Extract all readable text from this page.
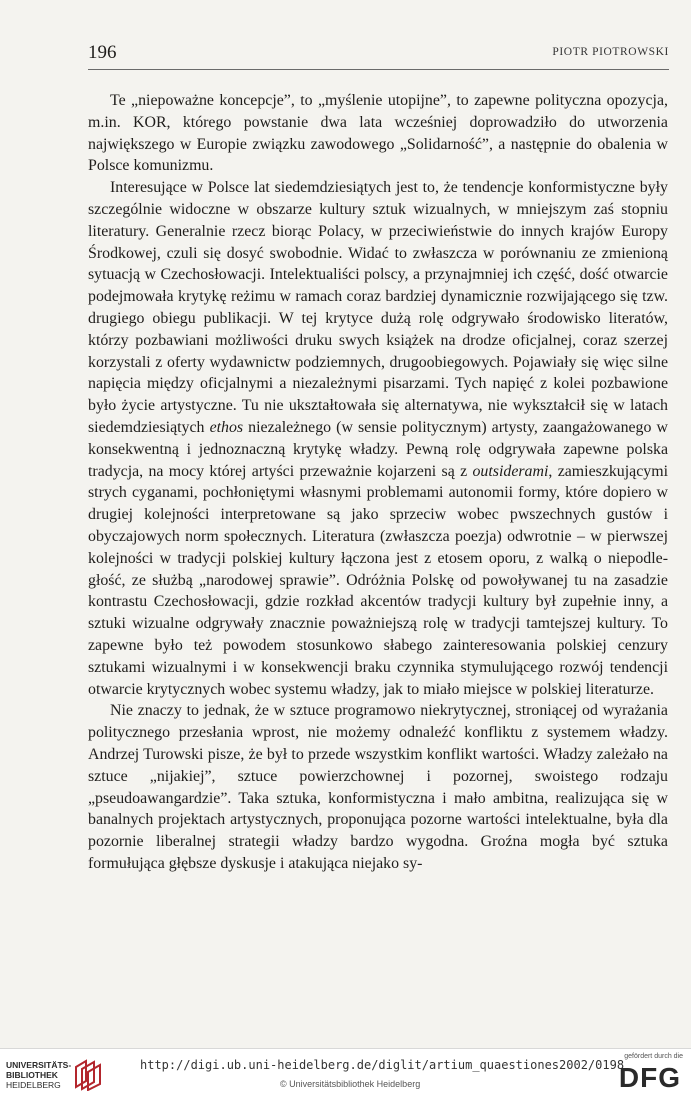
196	PIOTR PIOTROWSKI

Te „niepoważne koncepcje”, to „myślenie utopijne”, to zapewne polityczna opozycja, m.in. KOR, którego powstanie dwa lata wcześniej doprowadziło do utworzenia największego w Europie związku zawodowego „Solidarność”, a następnie do obalenia w Polsce komunizmu.

Interesujące w Polsce lat siedemdziesiątych jest to, że tendencje konformistyczne były szczególnie widoczne w obszarze kultury sztuk wizualnych, w mniejszym zaś stopniu literatury. Generalnie rzecz biorąc Polacy, w przeciwieństwie do innych krajów Europy Środkowej, czuli się dosyć swobodnie. Widać to zwłaszcza w porównaniu ze zmienioną sytuacją w Czechosłowacji. Intelektualiści polscy, a przynajmniej ich część, dość otwarcie podejmowała krytykę reżimu w ramach coraz bardziej dynamicznie rozwijającego się tzw. drugiego obiegu publikacji. W tej krytyce dużą rolę odgrywało środowisko literatów, którzy pozbawiani możliwości druku swych książek na drodze oficjalnej, coraz szerzej korzystali z oferty wydawnictw podziemnych, drugoobiegowych. Pojawiały się więc silne napięcia między oficjalnymi a niezależnymi pisarzami. Tych napięć z kolei pozbawione było życie artystyczne. Tu nie ukształtowała się alternatywa, nie wykształcił się w latach siedemdziesiątych ethos niezależnego (w sensie politycznym) artysty, zaangażowanego w konsekwentną i jednoznaczną krytykę władzy. Pewną rolę odgrywała zapewne polska tradycja, na mocy której artyści przeważnie kojarzeni są z outsiderami, zamieszkującymi strych cyganami, pochłoniętymi własnymi problemami autonomii formy, które dopiero w drugiej kolejności interpretowane są jako sprzeciw wobec pwszechnych gustów i obyczajowych norm społecznych. Literatura (zwłaszcza poezja) odwrotnie – w pierwszej kolejności w tradycji polskiej kultury łączona jest z etosem oporu, z walką o niepodległość, ze służbą „narodowej sprawie”. Odróżnia Polskę od powoływanej tu na zasadzie kontrastu Czechosłowacji, gdzie rozkład akcentów tradycji kultury był zupełnie inny, a sztuki wizualne odgrywały znacznie poważniejszą rolę w tradycji tamtejszej kultury. To zapewne było też powodem stosunkowo słabego zainteresowania polskiej cenzury sztukami wizualnymi i w konsekwencji braku czynnika stymulującego rozwój tendencji otwarcie krytycznych wobec systemu władzy, jak to miało miejsce w polskiej literaturze.

Nie znaczy to jednak, że w sztuce programowo niekrytycznej, stroniącej od wyrażania politycznego przesłania wprost, nie możemy odnaleźć konfliktu z systemem władzy. Andrzej Turowski pisze, że był to przede wszystkim konflikt wartości. Władzy zależało na sztuce „nijakiej”, sztuce powierzchownej i pozornej, swoistego rodzaju „pseudoawangardzie”. Taka sztuka, konformistyczna i mało ambitna, realizująca się w banalnych projektach artystycznych, proponująca pozorne wartości intelektualne, była dla pozornie liberalnej strategii władzy bardzo wygodna. Groźna mogła być sztuka formułująca głębsze dyskusje i atakująca niejako sy-

UNIVERSITÄTS-
BIBLIOTHEK
HEIDELBERG
http://digi.ub.uni-heidelberg.de/diglit/artium_quaestiones2002/0198
© Universitätsbibliothek Heidelberg
gefördert durch die
DFG
